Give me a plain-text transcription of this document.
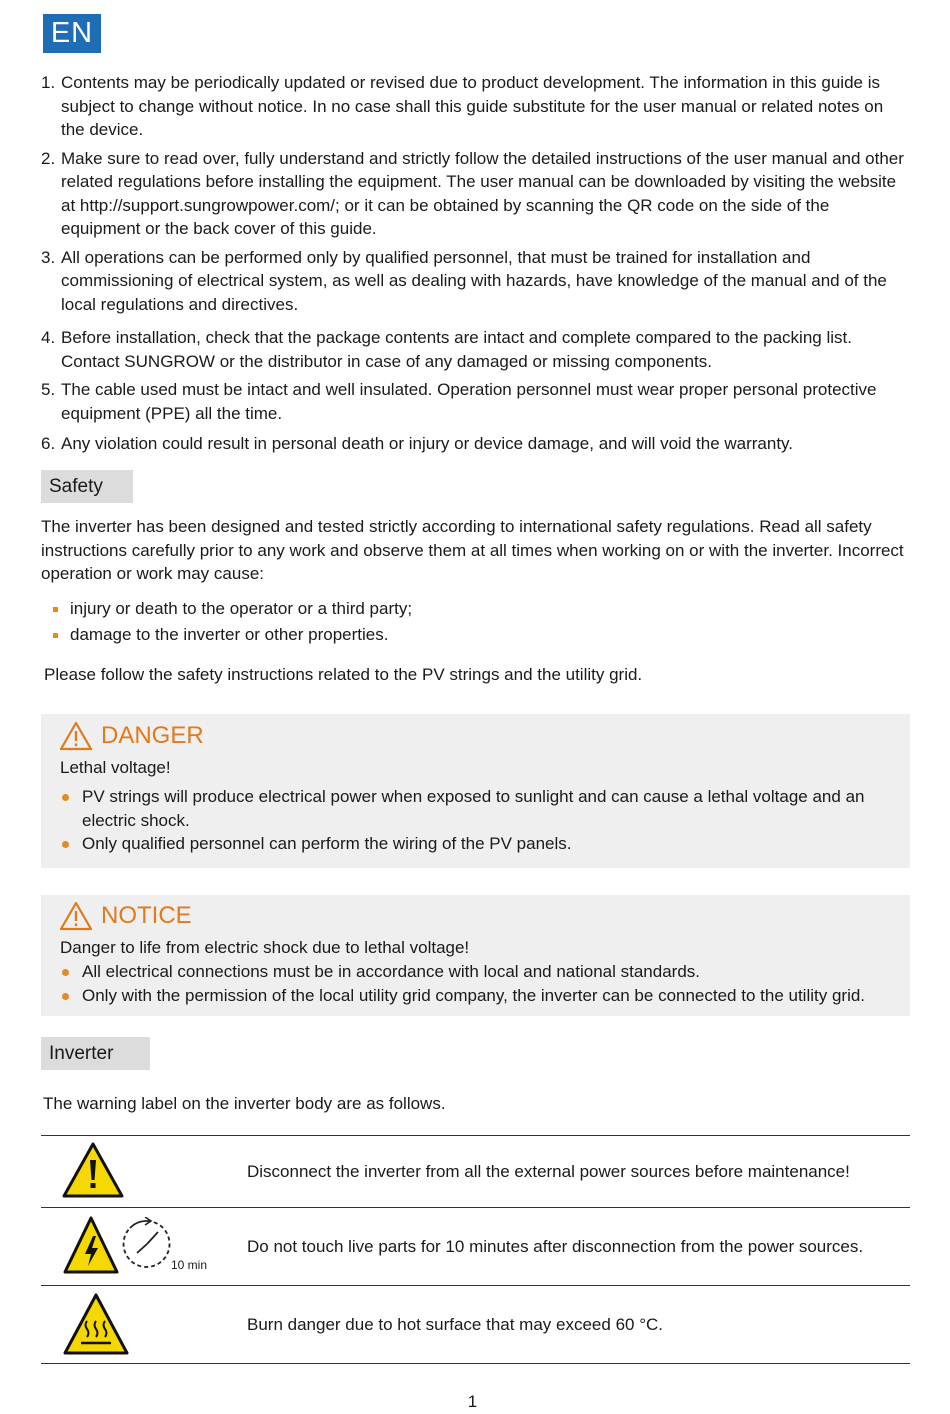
EN
1. Contents may be periodically updated or revised due to product development. The information in this guide is subject to change without notice. In no case shall this guide substitute for the user manual or related notes on the device.
2. Make sure to read over, fully understand and strictly follow the detailed instructions of the user manual and other related regulations before installing the equipment. The user manual can be downloaded by visiting the website at http://support.sungrowpower.com/; or it can be obtained by scanning the QR code on the side of the equipment or the back cover of this guide.
3. All operations can be performed only by qualified personnel, that must be trained for installation and commissioning of electrical system, as well as dealing with hazards, have knowledge of the manual and of the local regulations and directives.
4. Before installation, check that the package contents are intact and complete compared to the packing list. Contact SUNGROW or the distributor in case of any damaged or missing components.
5. The cable used must be intact and well insulated. Operation personnel must wear proper personal protective equipment (PPE) all the time.
6. Any violation could result in personal death or injury or device damage, and will void the warranty.
Safety

The inverter has been designed and tested strictly according to international safety regulations. Read all safety instructions carefully prior to any work and observe them at all times when working on or with the inverter. Incorrect operation or work may cause:

injury or death to the operator or a third party;
damage to the inverter or other properties.

Please follow the safety instructions related to the PV strings and the utility grid.

DANGER
Lethal voltage!
PV strings will produce electrical power when exposed to sunlight and can cause a lethal voltage and an electric shock.
Only qualified personnel can perform the wiring of the PV panels.
NOTICE
Danger to life from electric shock due to lethal voltage!
All electrical connections must be in accordance with local and national standards.
Only with the permission of the local utility grid company, the inverter can be connected to the utility grid.
Inverter

The warning label on the inverter body are as follows.

	Disconnect the inverter from all the external power sources before maintenance!

10 min	Do not touch live parts for 10 minutes after disconnection from the power sources.

	Burn danger due to hot surface that may exceed 60 °C.
1
